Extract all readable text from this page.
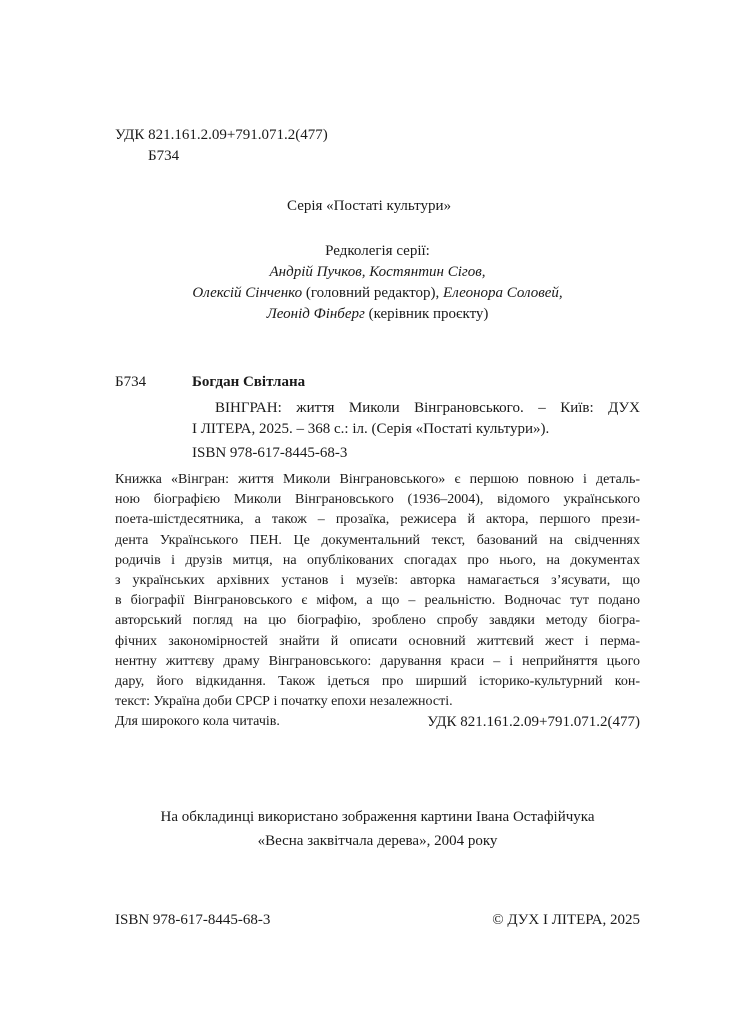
УДК 821.161.2.09+791.071.2(477)
Б734
Серія «Постаті культури»
Редколегія серії:
Андрій Пучков, Костянтин Сігов,
Олексій Сінченко (головний редактор), Елеонора Соловей,
Леонід Фінберг (керівник проєкту)
Б734	Богдан Світлана
ВІНГРАН: життя Миколи Вінграновського. – Київ: ДУХ
І ЛІТЕРА, 2025. – 368 с.: іл. (Серія «Постаті культури»).
ISBN 978-617-8445-68-3
Книжка «Вінгран: життя Миколи Вінграновського» є першою повною і деталь-
ною біографією Миколи Вінграновського (1936–2004), відомого українського
поета-шістдесятника, а також – прозаїка, режисера й актора, першого прези-
дента Українського ПЕН. Це документальний текст, базований на свідченнях
родичів і друзів митця, на опублікованих спогадах про нього, на документах
з українських архівних установ і музеїв: авторка намагається з’ясувати, що
в біографії Вінграновського є міфом, а що – реальністю. Водночас тут подано
авторський погляд на цю біографію, зроблено спробу завдяки методу біогра-
фічних закономірностей знайти й описати основний життєвий жест і перма-
нентну життєву драму Вінграновського: дарування краси – і неприйняття цього
дару, його відкидання. Також ідеться про ширший історико-культурний кон-
текст: Україна доби СРСР і початку епохи незалежності.
Для широкого кола читачів.	УДК 821.161.2.09+791.071.2(477)
На обкладинці використано зображення картини Івана Остафійчука
«Весна заквітчала дерева», 2004 року
ISBN 978-617-8445-68-3	© ДУХ І ЛІТЕРА, 2025
